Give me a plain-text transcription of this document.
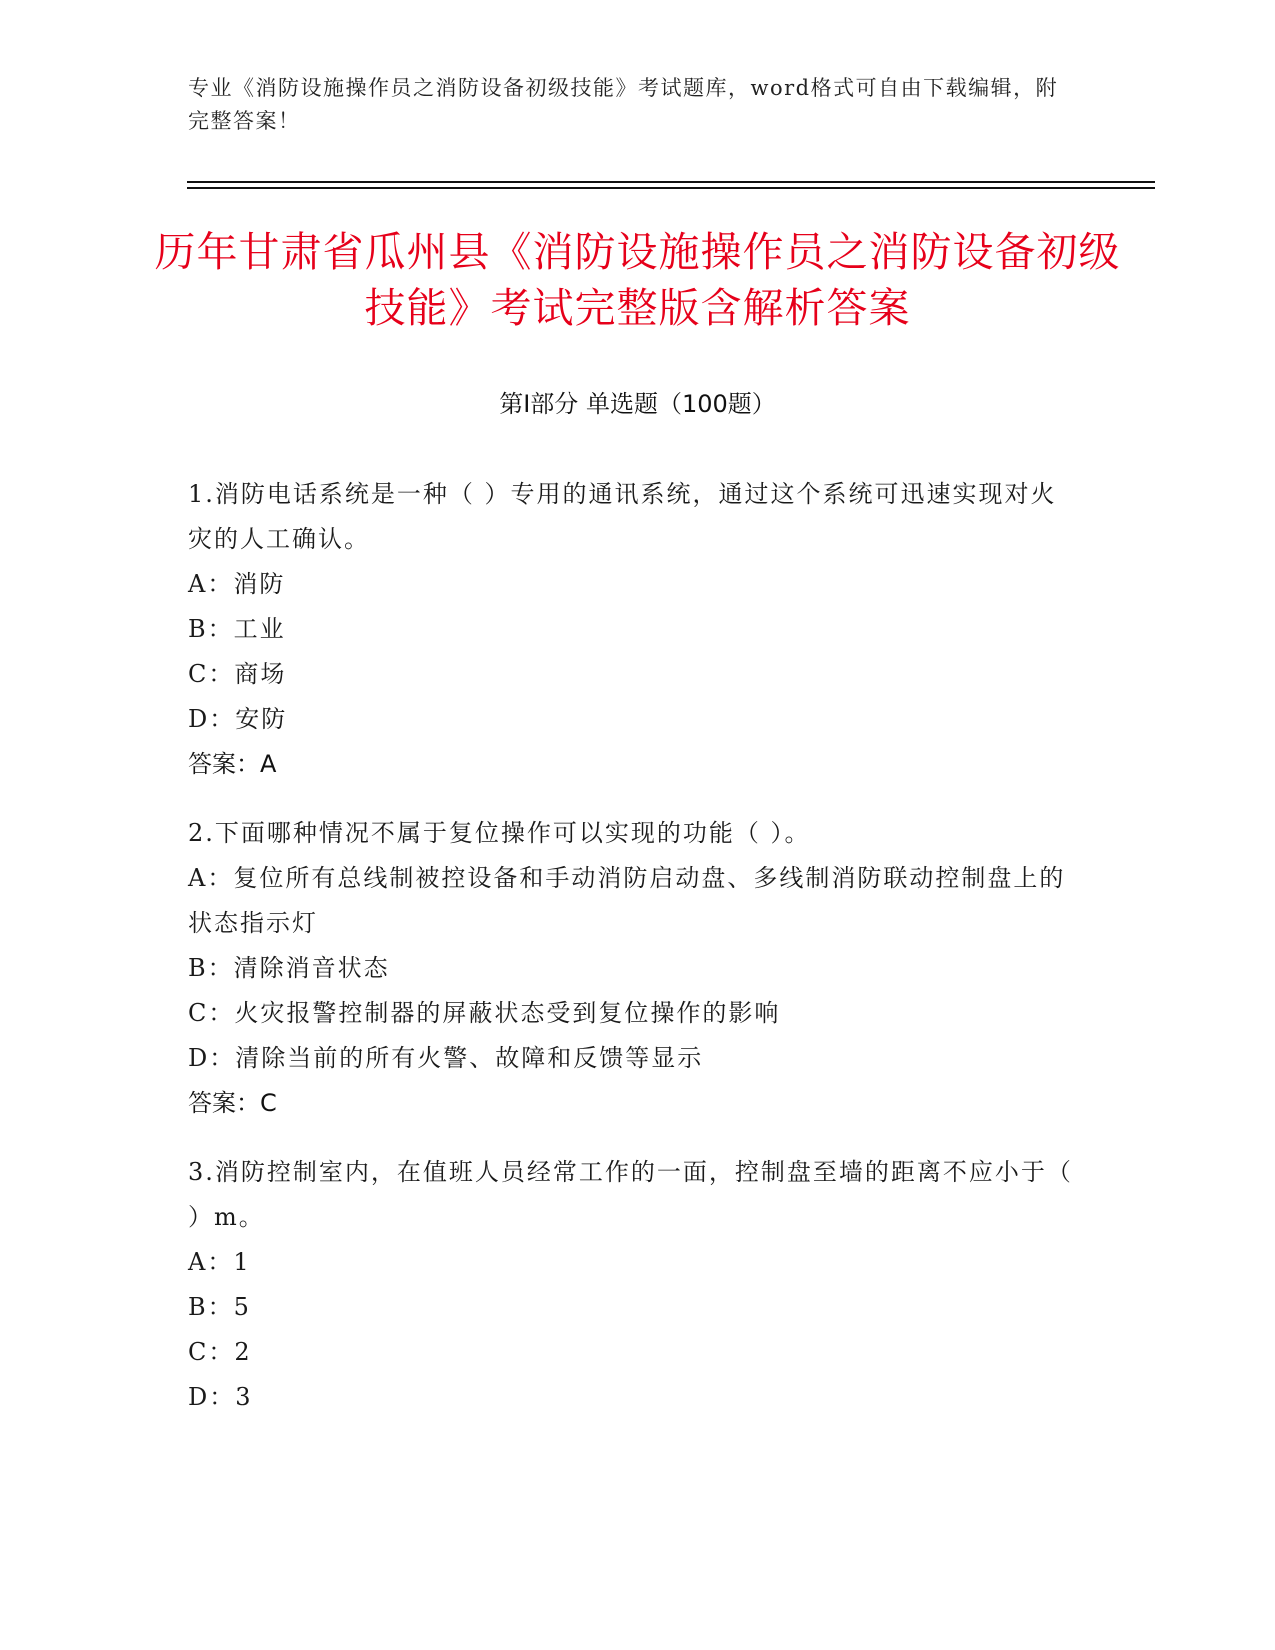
专业《消防设施操作员之消防设备初级技能》考试题库，word格式可自由下载编辑，附完整答案！
历年甘肃省瓜州县《消防设施操作员之消防设备初级技能》考试完整版含解析答案
第Ⅰ部分 单选题（100题）
1.消防电话系统是一种（ ）专用的通讯系统，通过这个系统可迅速实现对火灾的人工确认。
A：消防
B：工业
C：商场
D：安防
答案：A
2.下面哪种情况不属于复位操作可以实现的功能（ ）。
A：复位所有总线制被控设备和手动消防启动盘、多线制消防联动控制盘上的状态指示灯
B：清除消音状态
C：火灾报警控制器的屏蔽状态受到复位操作的影响
D：清除当前的所有火警、故障和反馈等显示
答案：C
3.消防控制室内，在值班人员经常工作的一面，控制盘至墙的距离不应小于（ ）m。
A：1
B：5
C：2
D：3
